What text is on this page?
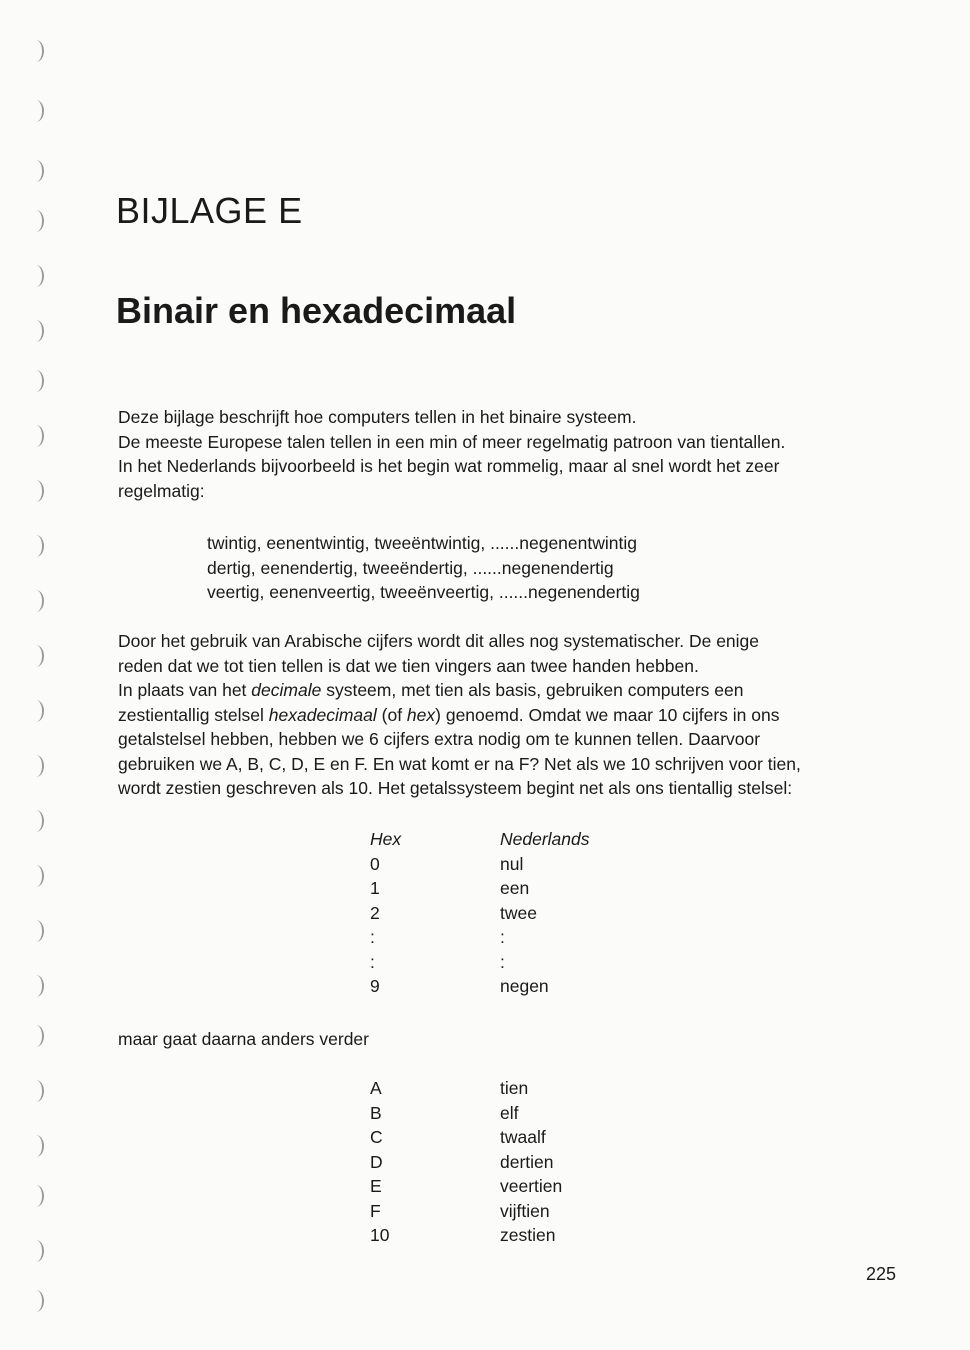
BIJLAGE E
Binair en hexadecimaal

Deze bijlage beschrijft hoe computers tellen in het binaire systeem.

De meeste Europese talen tellen in een min of meer regelmatig patroon van tientallen.

In het Nederlands bijvoorbeeld is het begin wat rommelig, maar al snel wordt het zeer

regelmatig:

twintig, eenentwintig, tweeëntwintig, ......negenentwintig
dertig, eenendertig, tweeëndertig, ......negenendertig
veertig, eenenveertig, tweeënveertig, ......negenendertig

Door het gebruik van Arabische cijfers wordt dit alles nog systematischer. De enige

reden dat we tot tien tellen is dat we tien vingers aan twee handen hebben.

In plaats van het decimale systeem, met tien als basis, gebruiken computers een

zestientallig stelsel hexadecimaal (of hex) genoemd. Omdat we maar 10 cijfers in ons

getalstelsel hebben, hebben we 6 cijfers extra nodig om te kunnen tellen. Daarvoor

gebruiken we A, B, C, D, E en F. En wat komt er na F? Net als we 10 schrijven voor tien,

wordt zestien geschreven als 10. Het getalssysteem begint net als ons tientallig stelsel:

Hex	Nederlands
0	nul
1	een
2	twee
:	:
:	:
9	negen
maar gaat daarna anders verder
A	tien
B	elf
C	twaalf
D	dertien
E	veertien
F	vijftien
10	zestien
225
